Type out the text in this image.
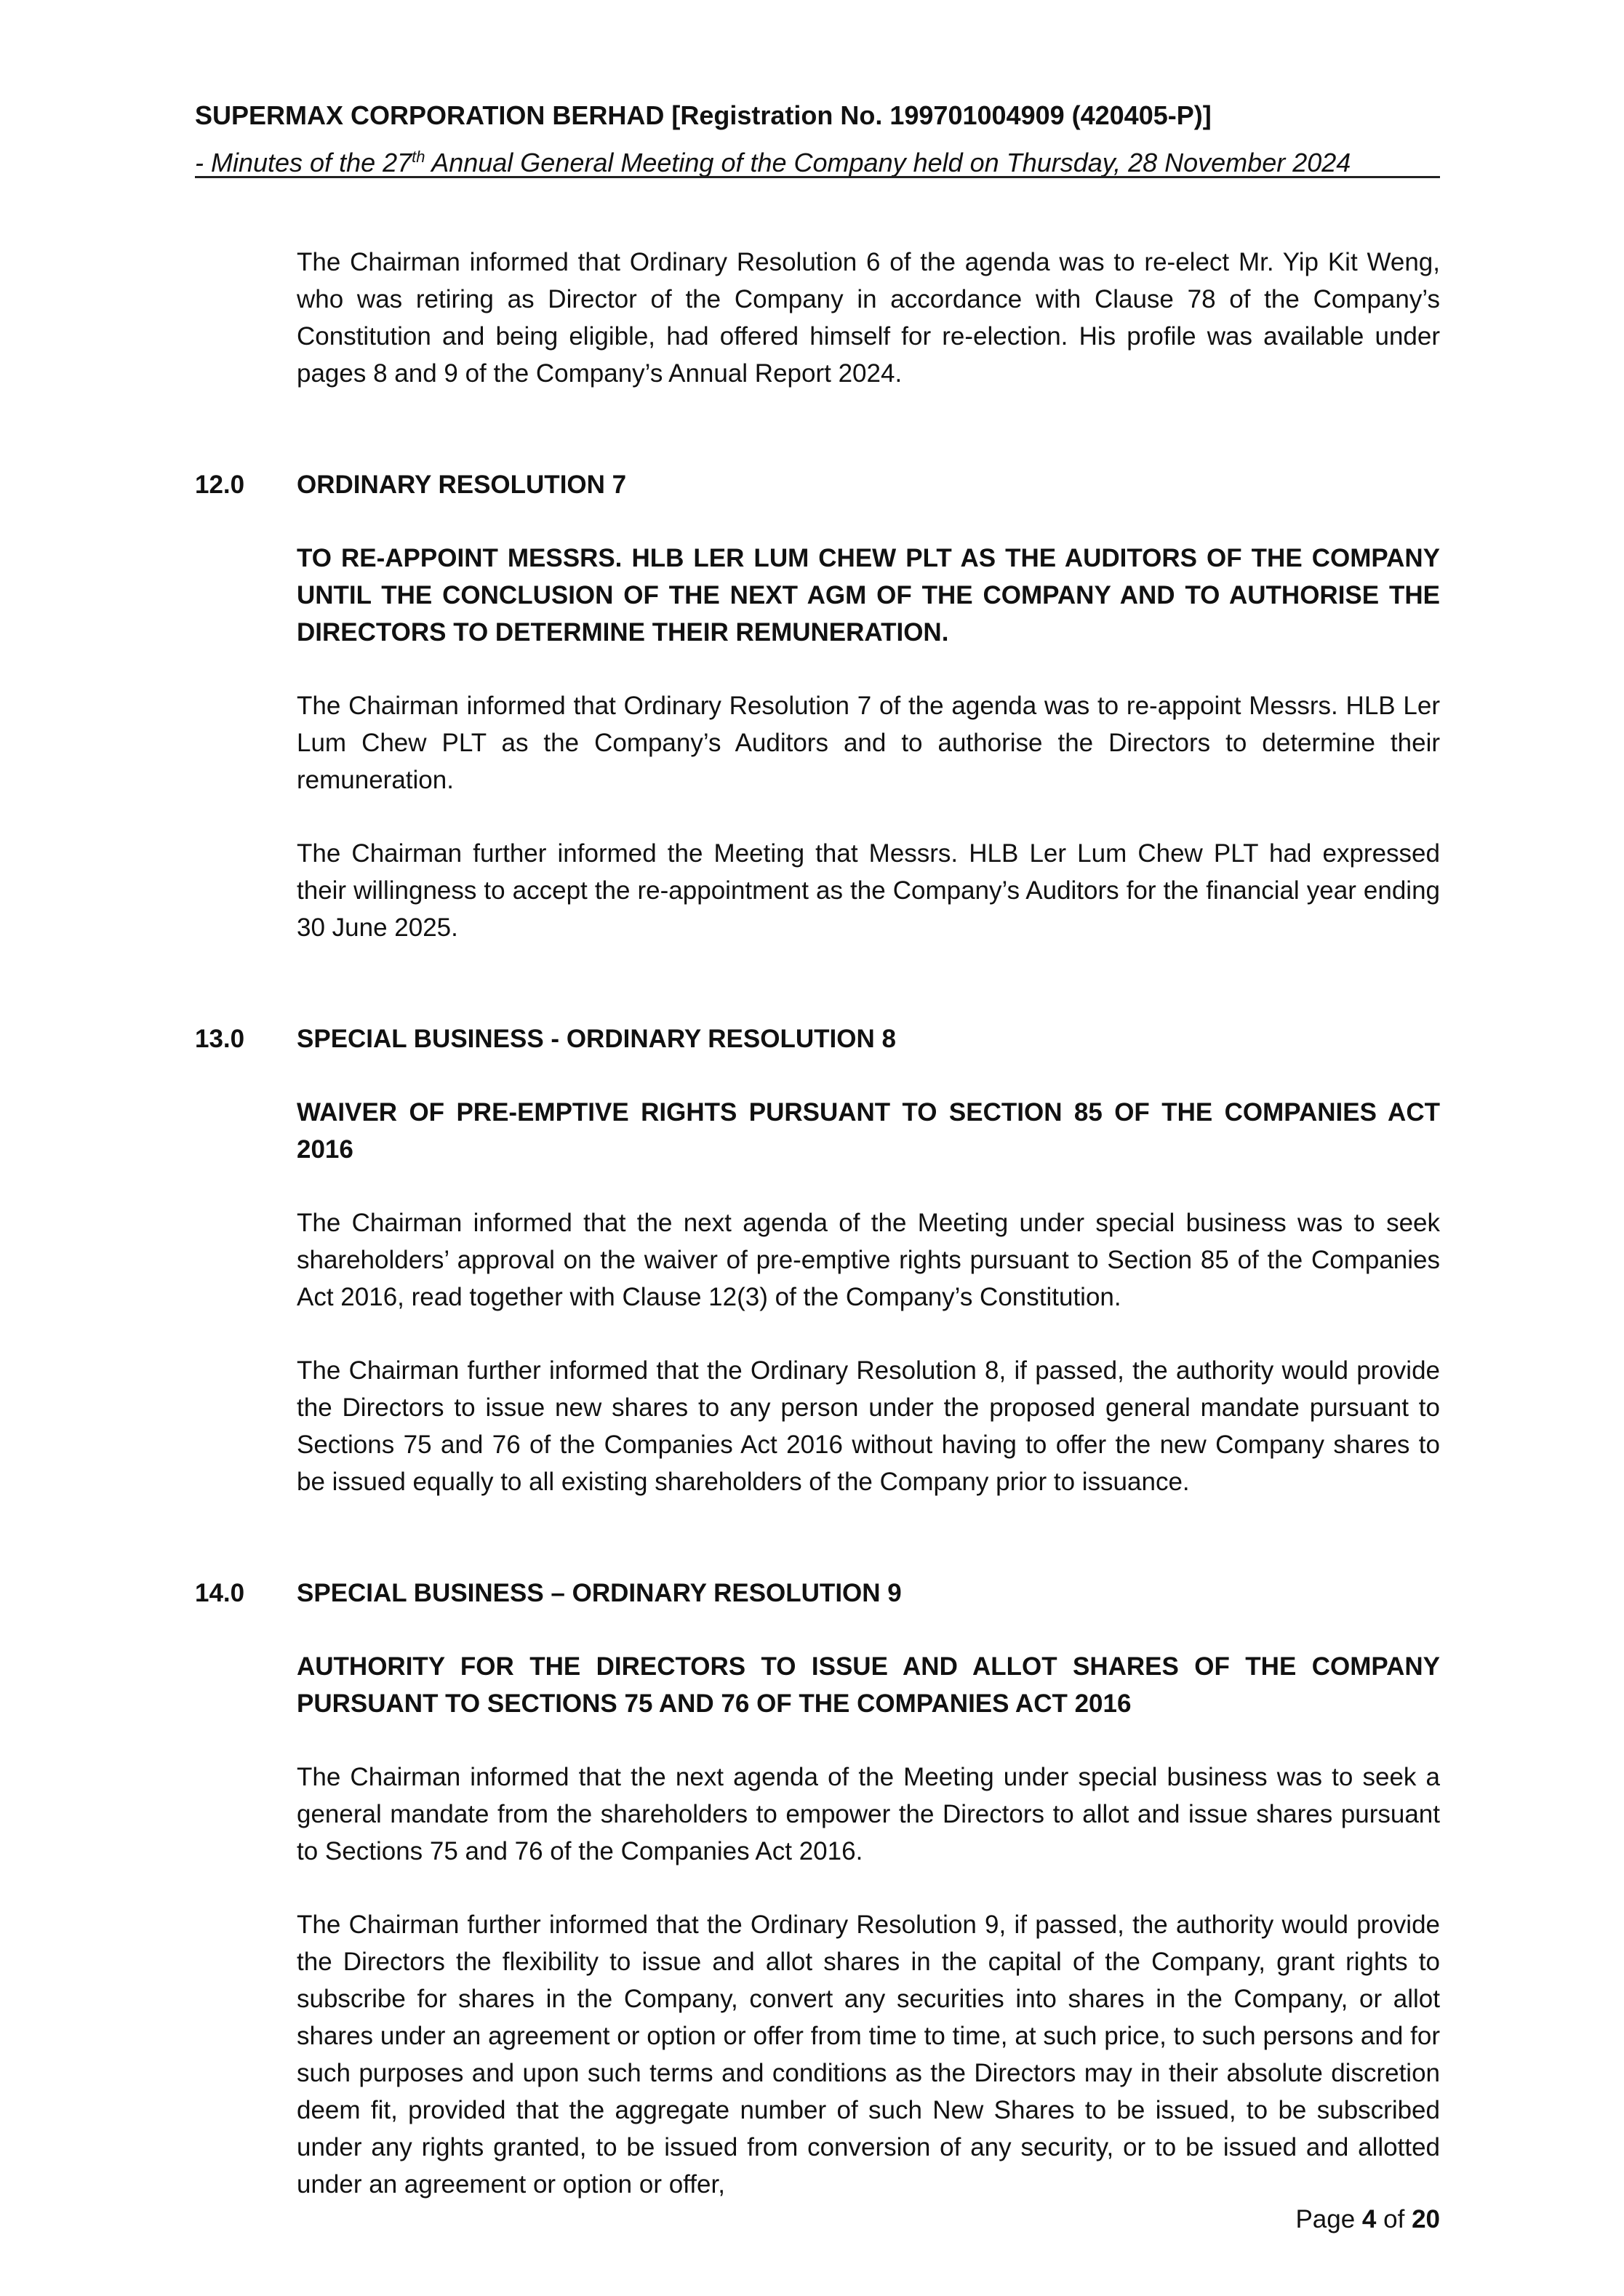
SUPERMAX CORPORATION BERHAD [Registration No. 199701004909 (420405-P)]
- Minutes of the 27th Annual General Meeting of the Company held on Thursday, 28 November 2024

The Chairman informed that Ordinary Resolution 6 of the agenda was to re-elect Mr. Yip Kit Weng, who was retiring as Director of the Company in accordance with Clause 78 of the Company’s Constitution and being eligible, had offered himself for re-election. His profile was available under pages 8 and 9 of the Company’s Annual Report 2024.

12.0 ORDINARY RESOLUTION 7
TO RE-APPOINT MESSRS. HLB LER LUM CHEW PLT AS THE AUDITORS OF THE COMPANY UNTIL THE CONCLUSION OF THE NEXT AGM OF THE COMPANY AND TO AUTHORISE THE DIRECTORS TO DETERMINE THEIR REMUNERATION.

The Chairman informed that Ordinary Resolution 7 of the agenda was to re-appoint Messrs. HLB Ler Lum Chew PLT as the Company’s Auditors and to authorise the Directors to determine their remuneration.

The Chairman further informed the Meeting that Messrs. HLB Ler Lum Chew PLT had expressed their willingness to accept the re-appointment as the Company’s Auditors for the financial year ending 30 June 2025.

13.0 SPECIAL BUSINESS - ORDINARY RESOLUTION 8
WAIVER OF PRE-EMPTIVE RIGHTS PURSUANT TO SECTION 85 OF THE COMPANIES ACT 2016

The Chairman informed that the next agenda of the Meeting under special business was to seek shareholders’ approval on the waiver of pre-emptive rights pursuant to Section 85 of the Companies Act 2016, read together with Clause 12(3) of the Company’s Constitution.

The Chairman further informed that the Ordinary Resolution 8, if passed, the authority would provide the Directors to issue new shares to any person under the proposed general mandate pursuant to Sections 75 and 76 of the Companies Act 2016 without having to offer the new Company shares to be issued equally to all existing shareholders of the Company prior to issuance.

14.0 SPECIAL BUSINESS – ORDINARY RESOLUTION 9
AUTHORITY FOR THE DIRECTORS TO ISSUE AND ALLOT SHARES OF THE COMPANY PURSUANT TO SECTIONS 75 AND 76 OF THE COMPANIES ACT 2016

The Chairman informed that the next agenda of the Meeting under special business was to seek a general mandate from the shareholders to empower the Directors to allot and issue shares pursuant to Sections 75 and 76 of the Companies Act 2016.

The Chairman further informed that the Ordinary Resolution 9, if passed, the authority would provide the Directors the flexibility to issue and allot shares in the capital of the Company, grant rights to subscribe for shares in the Company, convert any securities into shares in the Company, or allot shares under an agreement or option or offer from time to time, at such price, to such persons and for such purposes and upon such terms and conditions as the Directors may in their absolute discretion deem fit, provided that the aggregate number of such New Shares to be issued, to be subscribed under any rights granted, to be issued from conversion of any security, or to be issued and allotted under an agreement or option or offer,

Page 4 of 20
